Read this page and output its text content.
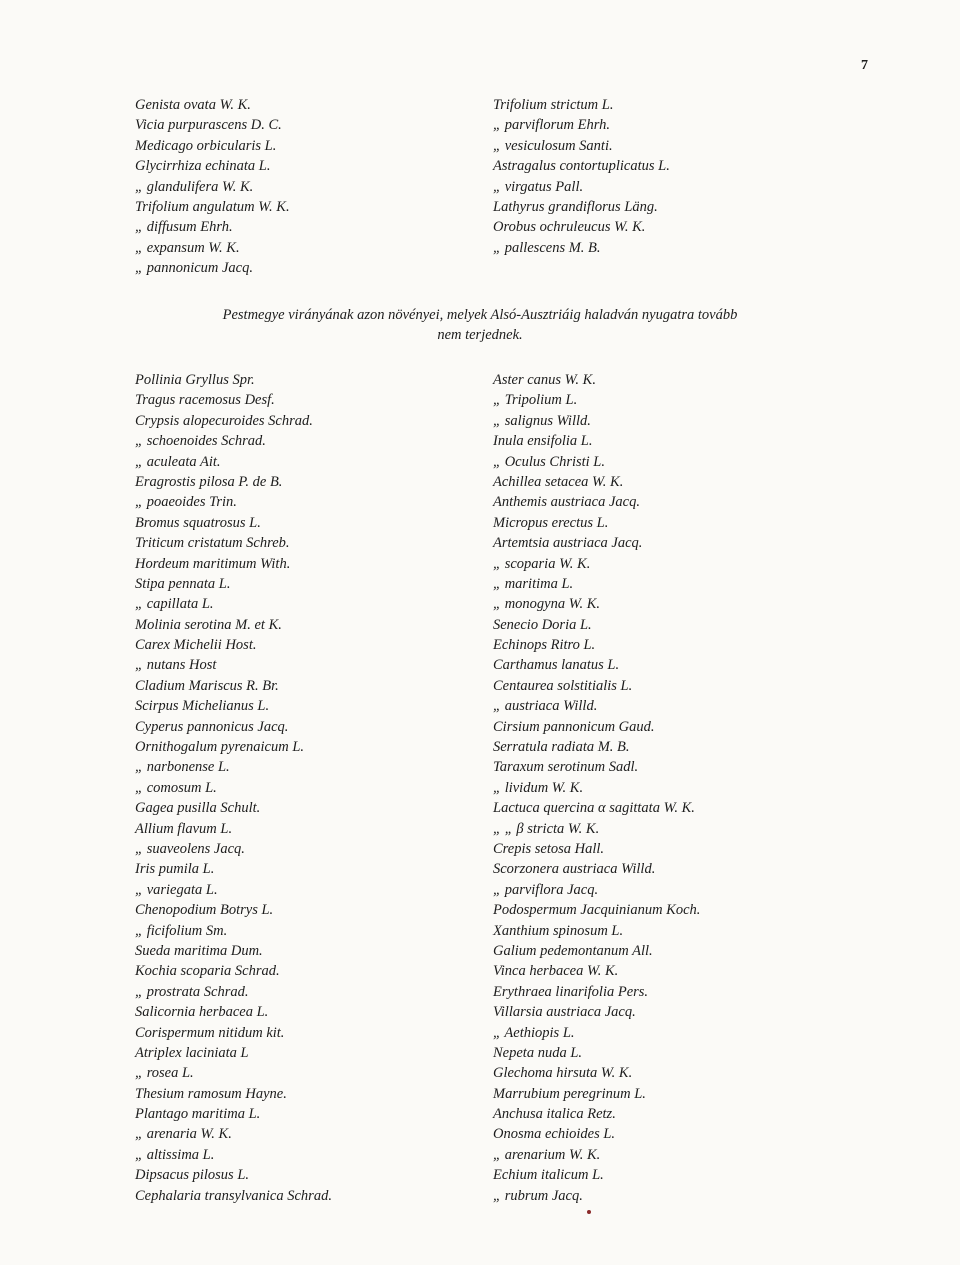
7
Genista ovata W. K.
Vicia purpurascens D. C.
Medicago orbicularis L.
Glycirrhiza echinata L.
„ glandulifera W. K.
Trifolium angulatum W. K.
„ diffusum Ehrh.
„ expansum W. K.
„ pannonicum Jacq.
Trifolium strictum L.
„ parviflorum Ehrh.
„ vesiculosum Santi.
Astragalus contortuplicatus L.
„ virgatus Pall.
Lathyrus grandiflorus Läng.
Orobus ochruleucus W. K.
„ pallescens M. B.
Pestmegye virányának azon növényei, melyek Alsó-Ausztriáig haladván nyugatra tovább
nem terjednek.
Pollinia Gryllus Spr.
Tragus racemosus Desf.
Crypsis alopecuroides Schrad.
„ schoenoides Schrad.
„ aculeata Ait.
Eragrostis pilosa P. de B.
„ poaeoides Trin.
Bromus squatrosus L.
Triticum cristatum Schreb.
Hordeum maritimum With.
Stipa pennata L.
„ capillata L.
Molinia serotina M. et K.
Carex Michelii Host.
„ nutans Host
Cladium Mariscus R. Br.
Scirpus Michelianus L.
Cyperus pannonicus Jacq.
Ornithogalum pyrenaicum L.
„ narbonense L.
„ comosum L.
Gagea pusilla Schult.
Allium flavum L.
„ suaveolens Jacq.
Iris pumila L.
„ variegata L.
Chenopodium Botrys L.
„ ficifolium Sm.
Sueda maritima Dum.
Kochia scoparia Schrad.
„ prostrata Schrad.
Salicornia herbacea L.
Corispermum nitidum kit.
Atriplex laciniata L
„ rosea L.
Thesium ramosum Hayne.
Plantago maritima L.
„ arenaria W. K.
„ altissima L.
Dipsacus pilosus L.
Cephalaria transylvanica Schrad.
Aster canus W. K.
„ Tripolium L.
„ salignus Willd.
Inula ensifolia L.
„ Oculus Christi L.
Achillea setacea W. K.
Anthemis austriaca Jacq.
Micropus erectus L.
Artemtsia austriaca Jacq.
„ scoparia W. K.
„ maritima L.
„ monogyna W. K.
Senecio Doria L.
Echinops Ritro L.
Carthamus lanatus L.
Centaurea solstitialis L.
„ austriaca Willd.
Cirsium pannonicum Gaud.
Serratula radiata M. B.
Taraxum serotinum Sadl.
„ lividum W. K.
Lactuca quercina α sagittata W. K.
„ „ β stricta W. K.
Crepis setosa Hall.
Scorzonera austriaca Willd.
„ parviflora Jacq.
Podospermum Jacquinianum Koch.
Xanthium spinosum L.
Galium pedemontanum All.
Vinca herbacea W. K.
Erythraea linarifolia Pers.
Villarsia austriaca Jacq.
„ Aethiopis L.
Nepeta nuda L.
Glechoma hirsuta W. K.
Marrubium peregrinum L.
Anchusa italica Retz.
Onosma echioides L.
„ arenarium W. K.
Echium italicum L.
„ rubrum Jacq.
